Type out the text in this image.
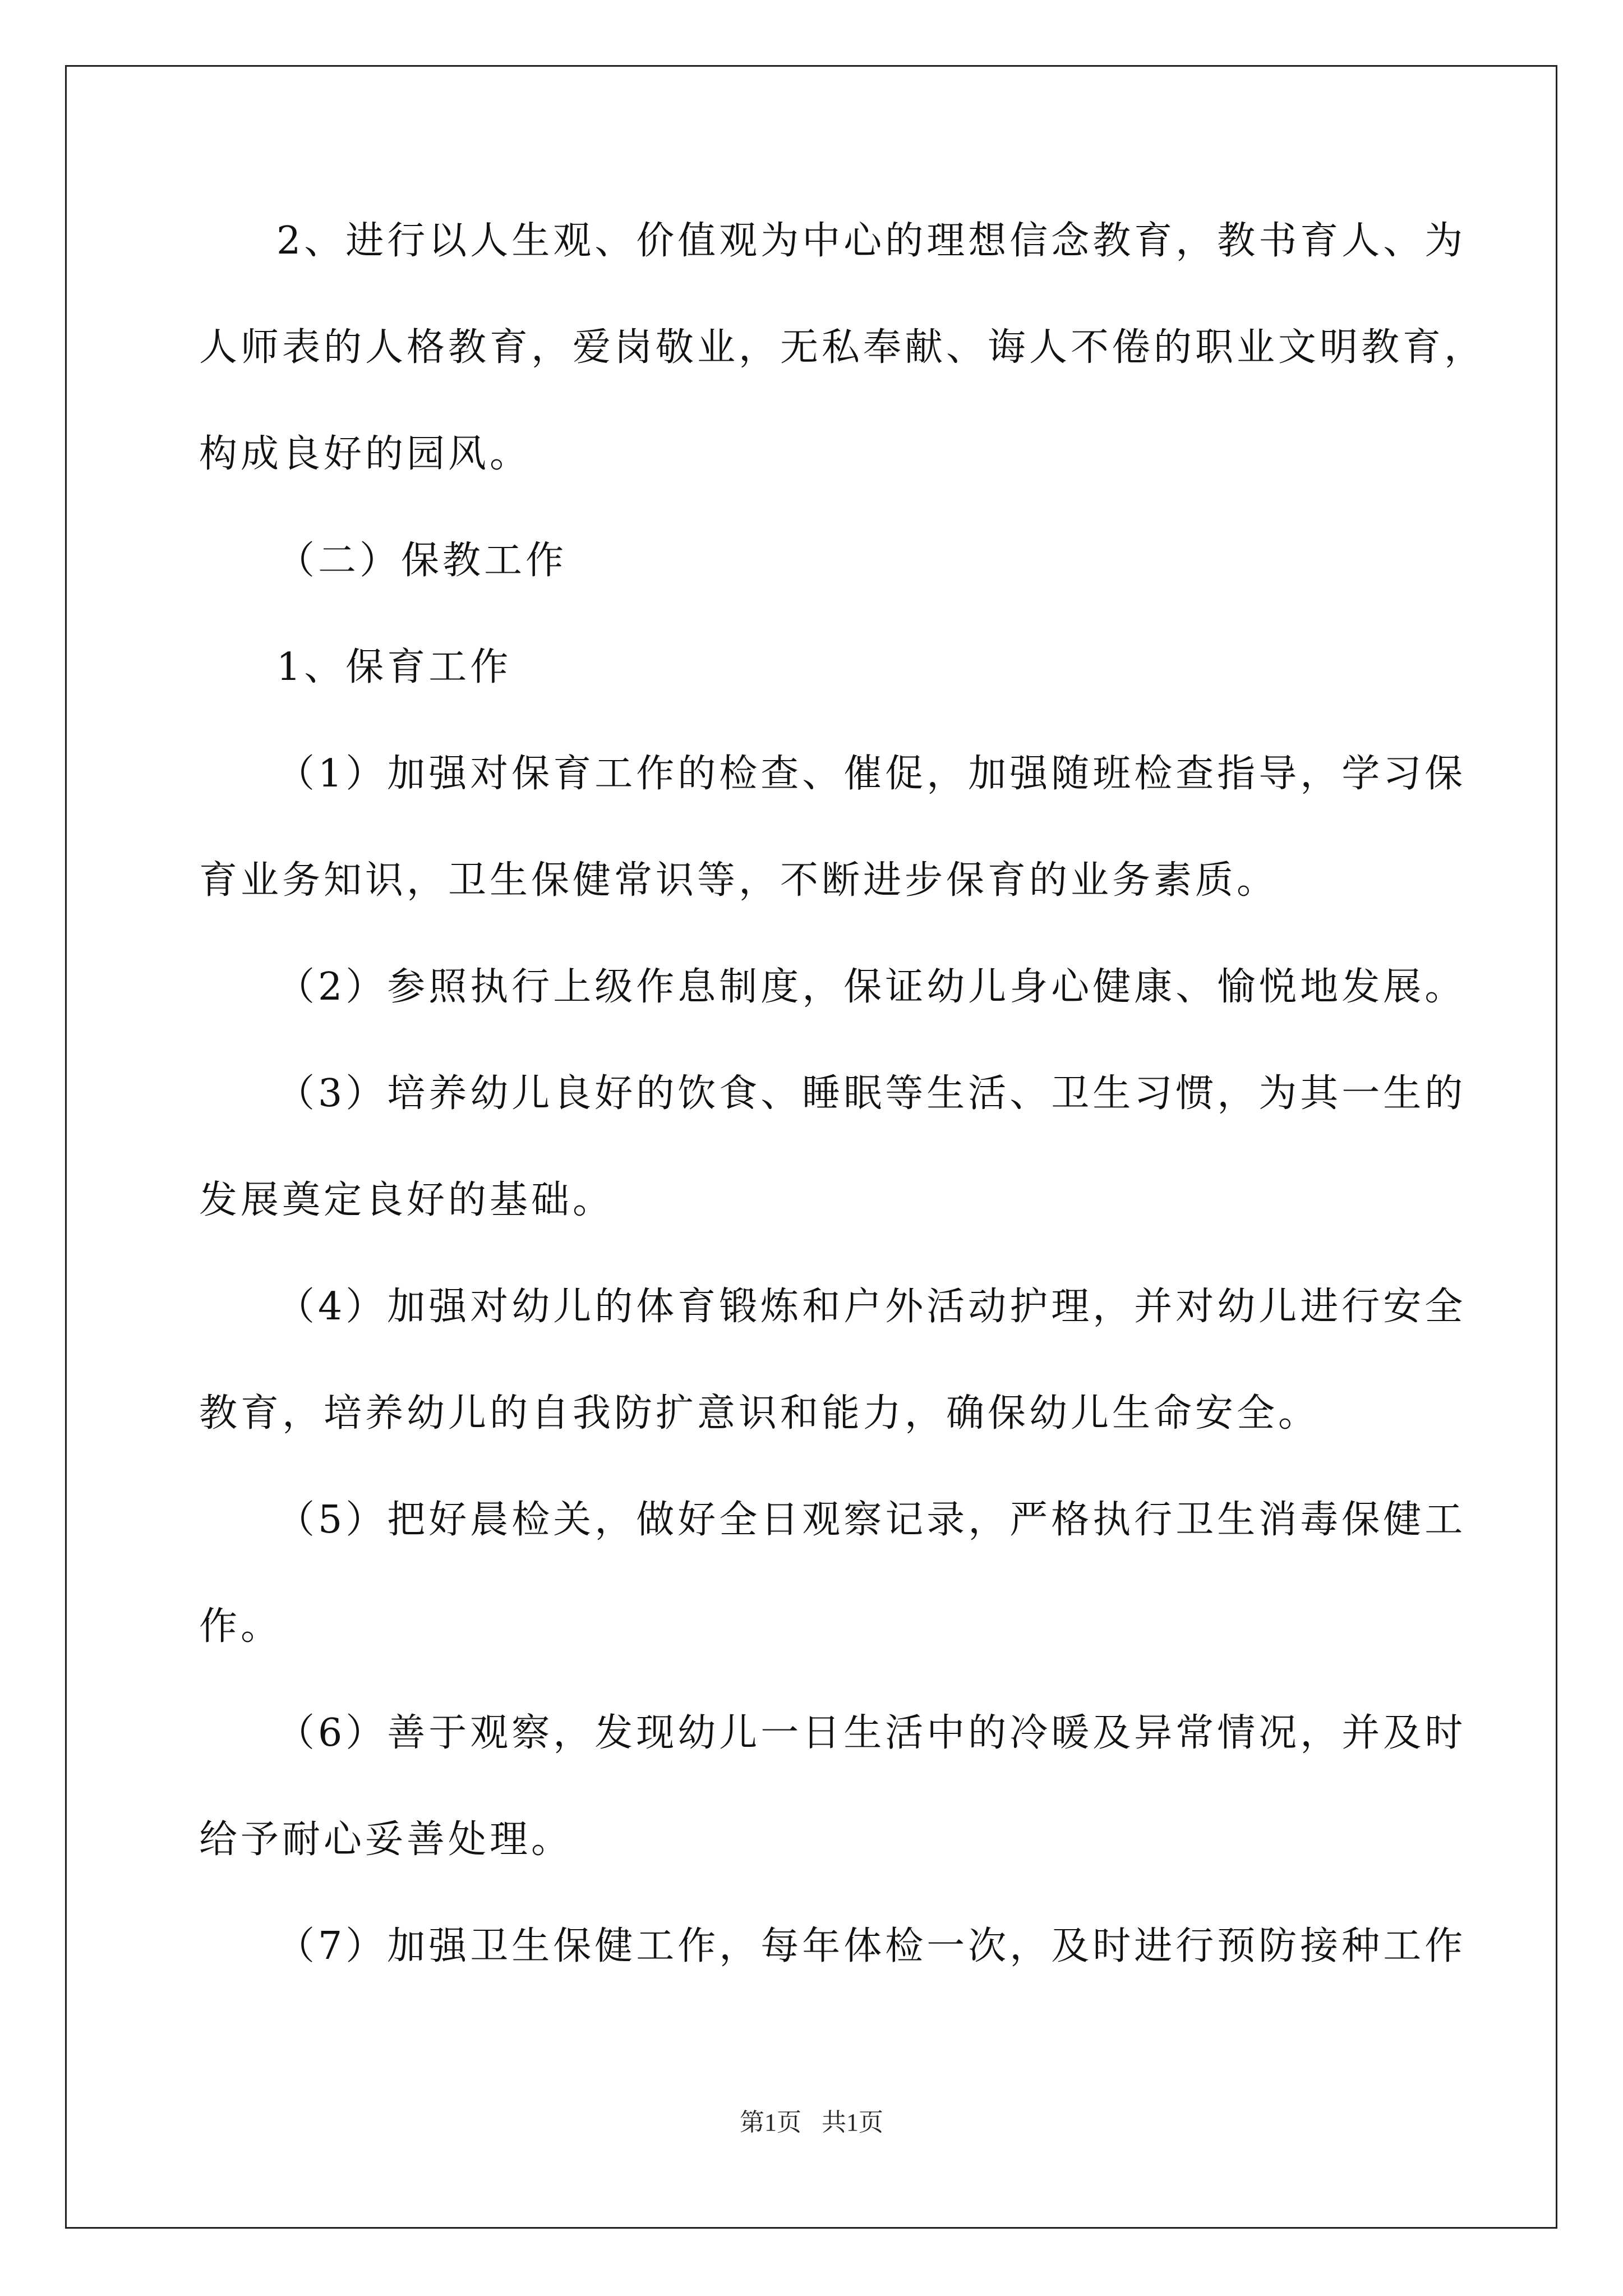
2、进行以人生观、价值观为中心的理想信念教育，教书育人、为
人师表的人格教育，爱岗敬业，无私奉献、诲人不倦的职业文明教育，
构成良好的园风。
（二）保教工作
1、保育工作
（1）加强对保育工作的检查、催促，加强随班检查指导，学习保
育业务知识，卫生保健常识等，不断进步保育的业务素质。
（2）参照执行上级作息制度，保证幼儿身心健康、愉悦地发展。
（3）培养幼儿良好的饮食、睡眠等生活、卫生习惯，为其一生的
发展奠定良好的基础。
（4）加强对幼儿的体育锻炼和户外活动护理，并对幼儿进行安全
教育，培养幼儿的自我防扩意识和能力，确保幼儿生命安全。
（5）把好晨检关，做好全日观察记录，严格执行卫生消毒保健工
作。
（6）善于观察，发现幼儿一日生活中的冷暖及异常情况，并及时
给予耐心妥善处理。
（7）加强卫生保健工作，每年体检一次，及时进行预防接种工作
第1页 共1页
